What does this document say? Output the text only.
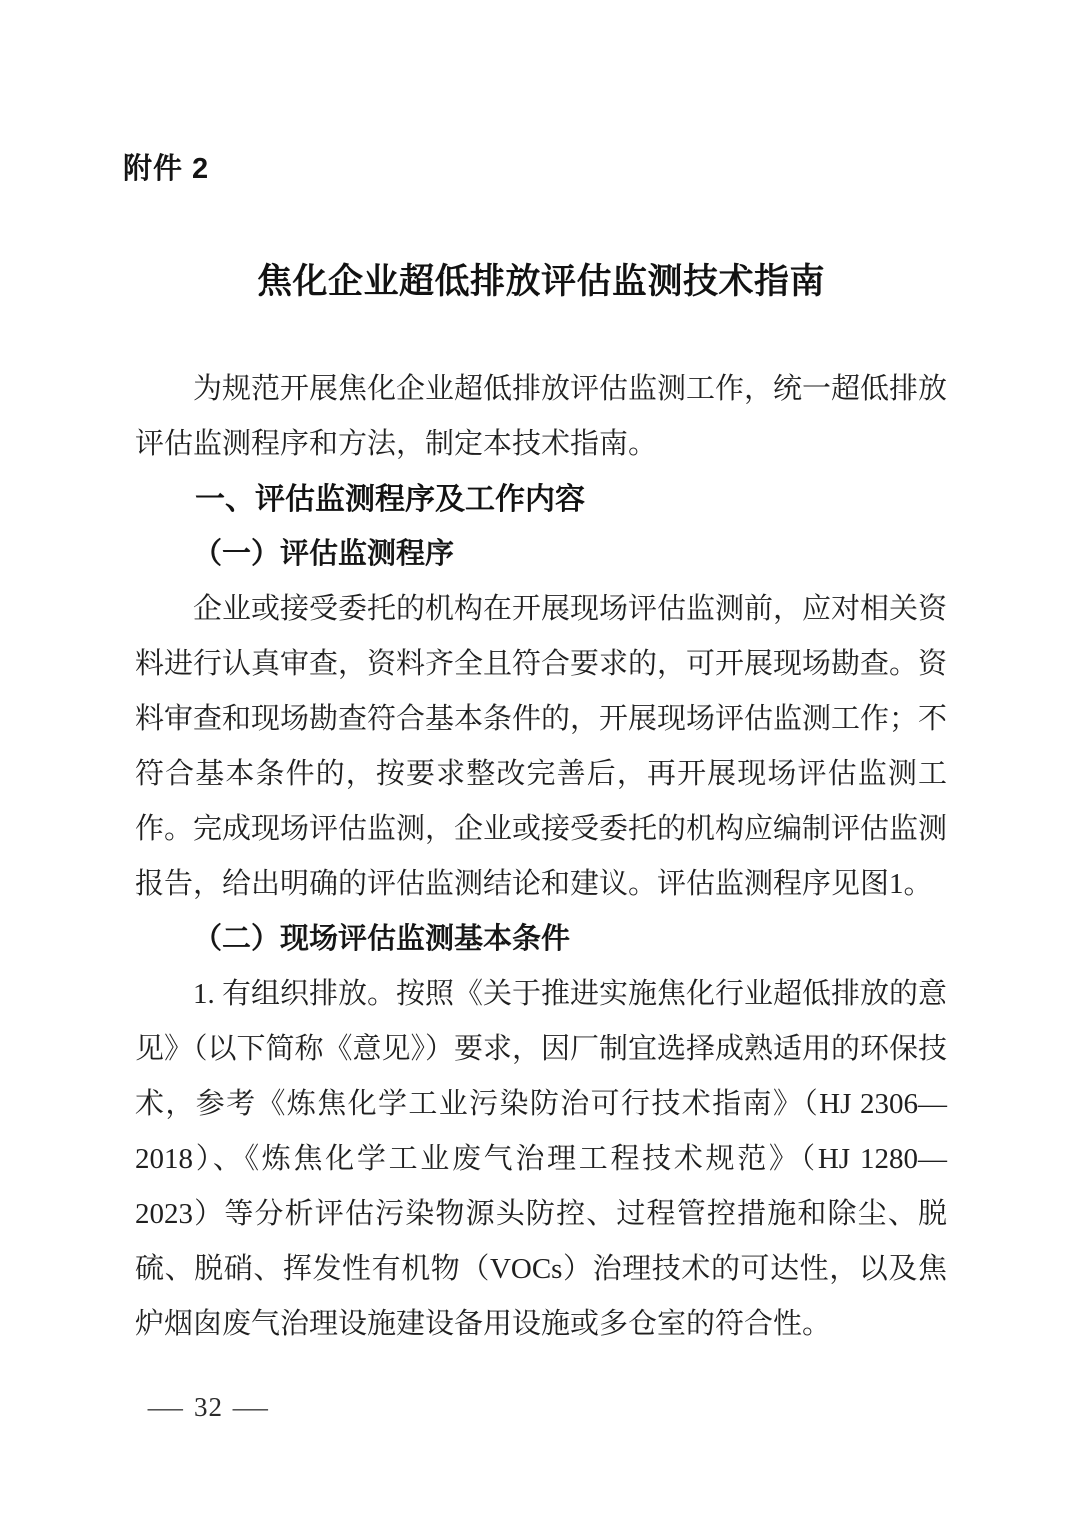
附件 2
焦化企业超低排放评估监测技术指南

为规范开展焦化企业超低排放评估监测工作，统一超低排放评估监测程序和方法，制定本技术指南。

一、评估监测程序及工作内容
（一）评估监测程序

企业或接受委托的机构在开展现场评估监测前，应对相关资料进行认真审查，资料齐全且符合要求的，可开展现场勘查。资料审查和现场勘查符合基本条件的，开展现场评估监测工作；不符合基本条件的，按要求整改完善后，再开展现场评估监测工作。完成现场评估监测，企业或接受委托的机构应编制评估监测报告，给出明确的评估监测结论和建议。评估监测程序见图1。

（二）现场评估监测基本条件

1. 有组织排放。按照《关于推进实施焦化行业超低排放的意见》（以下简称《意见》）要求，因厂制宜选择成熟适用的环保技术，参考《炼焦化学工业污染防治可行技术指南》（HJ 2306—2018）、《炼焦化学工业废气治理工程技术规范》（HJ 1280—2023）等分析评估污染物源头防控、过程管控措施和除尘、脱硫、脱硝、挥发性有机物（VOCs）治理技术的可达性，以及焦炉烟囱废气治理设施建设备用设施或多仓室的符合性。

— 32 —
